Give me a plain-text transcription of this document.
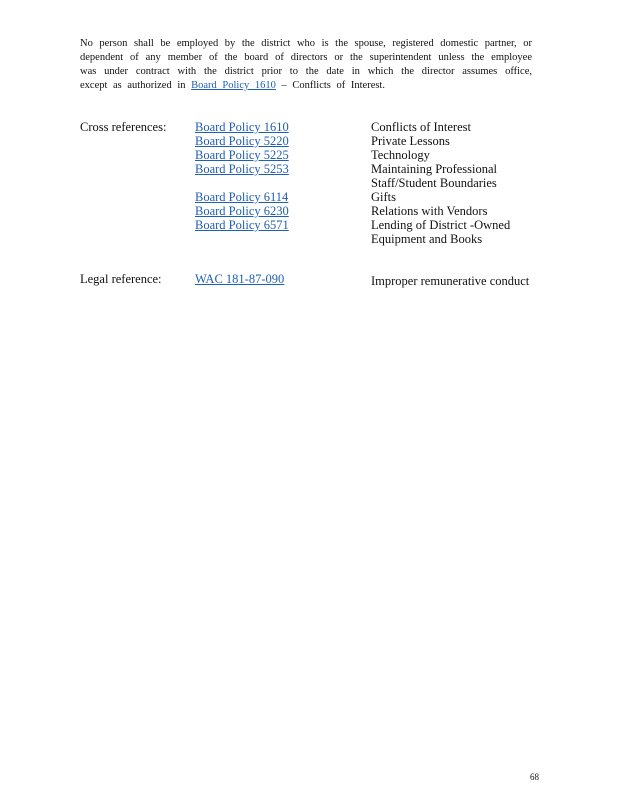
No person shall be employed by the district who is the spouse, registered domestic partner, or dependent of any member of the board of directors or the superintendent unless the employee was under contract with the district prior to the date in which the director assumes office, except as authorized in Board Policy 1610 – Conflicts of Interest.
Cross references:	Board Policy 1610	Conflicts of Interest
Board Policy 5220	Private Lessons
Board Policy 5225	Technology
Board Policy 5253	Maintaining Professional Staff/Student Boundaries
Board Policy 6114	Gifts
Board Policy 6230	Relations with Vendors
Board Policy 6571	Lending of District -Owned Equipment and Books
Legal reference:	WAC 181-87-090	Improper remunerative conduct
68
